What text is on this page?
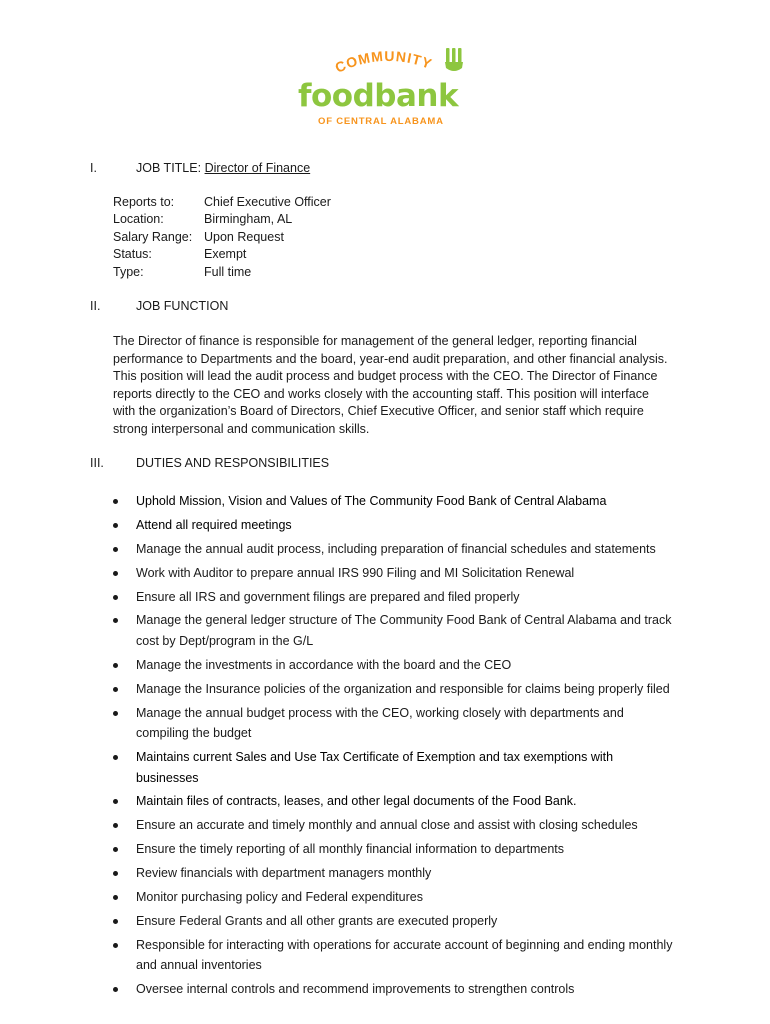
COMMUNITY
foodbank
OF CENTRAL ALABAMA
I.	JOB TITLE: Director of Finance
Reports to:	Chief Executive Officer
Location:	Birmingham, AL
Salary Range: Upon Request
Status:	Exempt
Type:	Full time
II.	JOB FUNCTION
The Director of finance is responsible for management of the general ledger, reporting financial performance to Departments and the board, year-end audit preparation, and other financial analysis. This position will lead the audit process and budget process with the CEO. The Director of Finance reports directly to the CEO and works closely with the accounting staff. This position will interface with the organization’s Board of Directors, Chief Executive Officer, and senior staff which require strong interpersonal and communication skills.
III.	DUTIES AND RESPONSIBILITIES
Uphold Mission, Vision and Values of The Community Food Bank of Central Alabama
Attend all required meetings
Manage the annual audit process, including preparation of financial schedules and statements
Work with Auditor to prepare annual IRS 990 Filing and MI Solicitation Renewal
Ensure all IRS and government filings are prepared and filed properly
Manage the general ledger structure of The Community Food Bank of Central Alabama and track cost by Dept/program in the G/L
Manage the investments in accordance with the board and the CEO
Manage the Insurance policies of the organization and responsible for claims being properly filed
Manage the annual budget process with the CEO, working closely with departments and compiling the budget
Maintains current Sales and Use Tax Certificate of Exemption and tax exemptions with businesses
Maintain files of contracts, leases, and other legal documents of the Food Bank.
Ensure an accurate and timely monthly and annual close and assist with closing schedules
Ensure the timely reporting of all monthly financial information to departments
Review financials with department managers monthly
Monitor purchasing policy and Federal expenditures
Ensure Federal Grants and all other grants are executed properly
Responsible for interacting with operations for accurate account of beginning and ending monthly and annual inventories
Oversee internal controls and recommend improvements to strengthen controls
